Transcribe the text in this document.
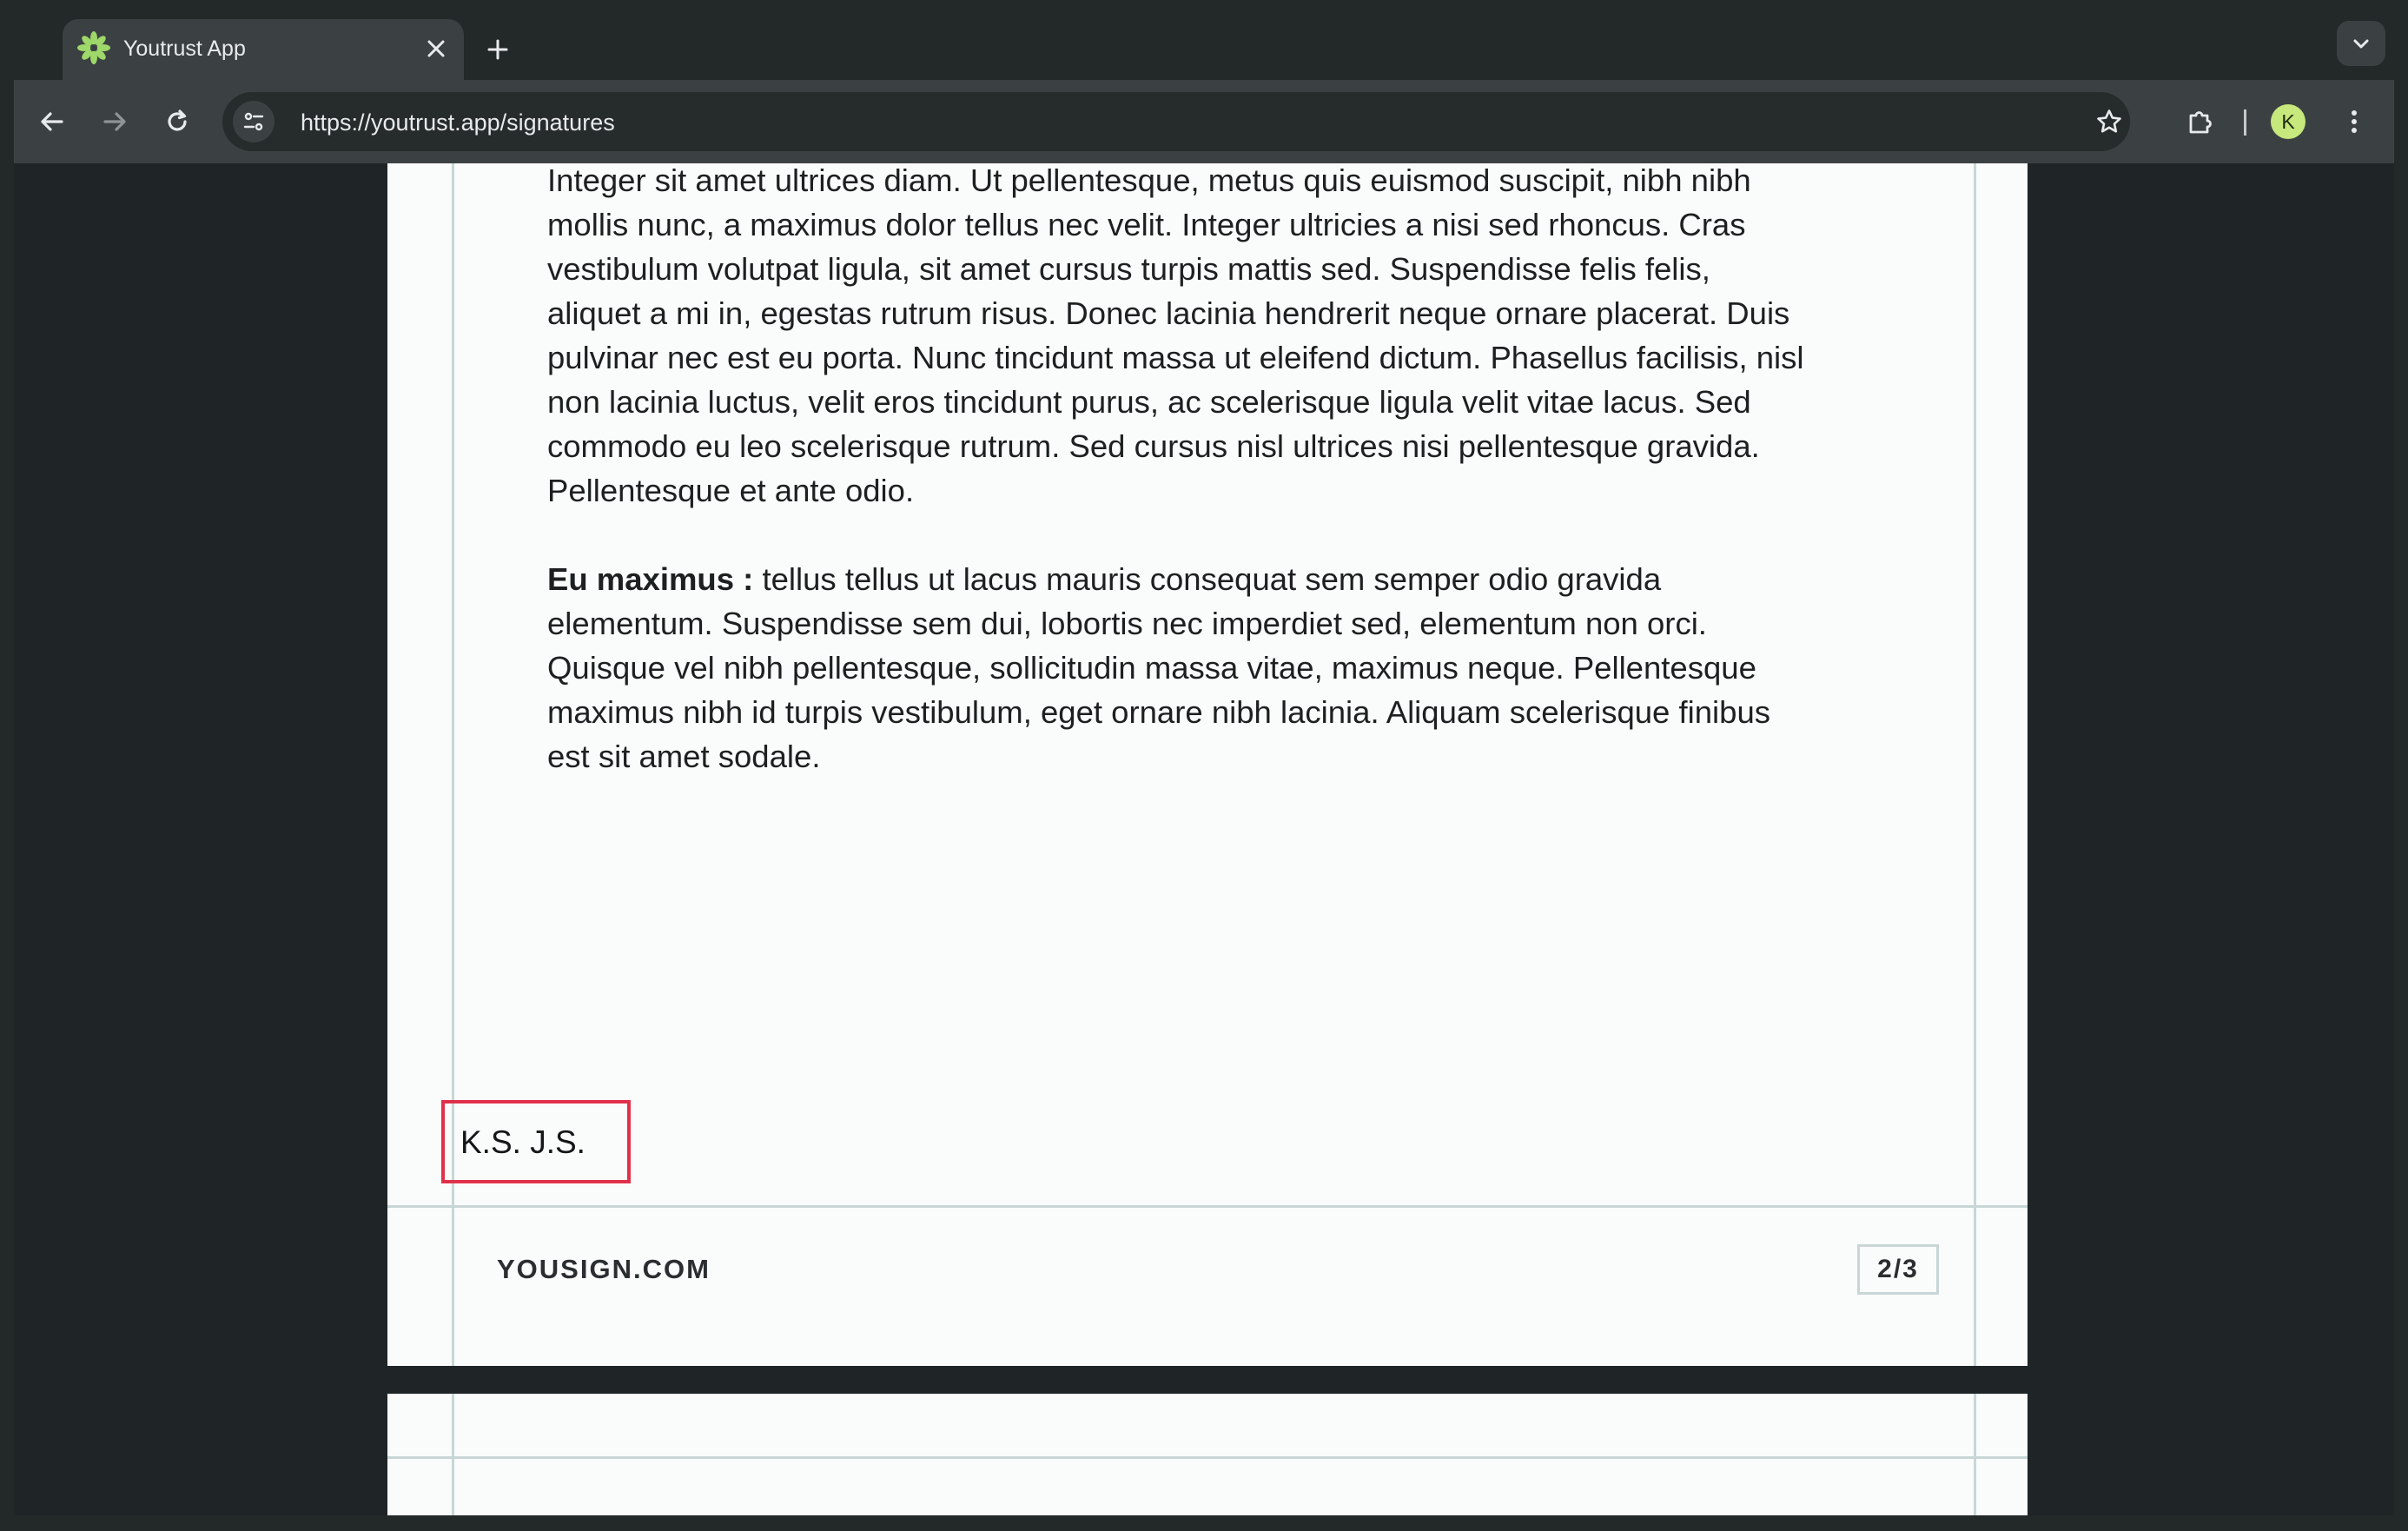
Youtrust App
https://youtrust.app/signatures	K

Integer sit amet ultrices diam. Ut pellentesque, metus quis euismod suscipit, nibh nibh mollis nunc, a maximus dolor tellus nec velit. Integer ultricies a nisi sed rhoncus. Cras vestibulum volutpat ligula, sit amet cursus turpis mattis sed. Suspendisse felis felis, aliquet a mi in, egestas rutrum risus. Donec lacinia hendrerit neque ornare placerat. Duis pulvinar nec est eu porta. Nunc tincidunt massa ut eleifend dictum. Phasellus facilisis, nisl non lacinia luctus, velit eros tincidunt purus, ac scelerisque ligula velit vitae lacus. Sed commodo eu leo scelerisque rutrum. Sed cursus nisl ultrices nisi pellentesque gravida. Pellentesque et ante odio.

Eu maximus : tellus tellus ut lacus mauris consequat sem semper odio gravida elementum. Suspendisse sem dui, lobortis nec imperdiet sed, elementum non orci. Quisque vel nibh pellentesque, sollicitudin massa vitae, maximus neque. Pellentesque maximus nibh id turpis vestibulum, eget ornare nibh lacinia. Aliquam scelerisque finibus est sit amet sodale.

K.S. J.S.
YOUSIGN.COM	2/3
